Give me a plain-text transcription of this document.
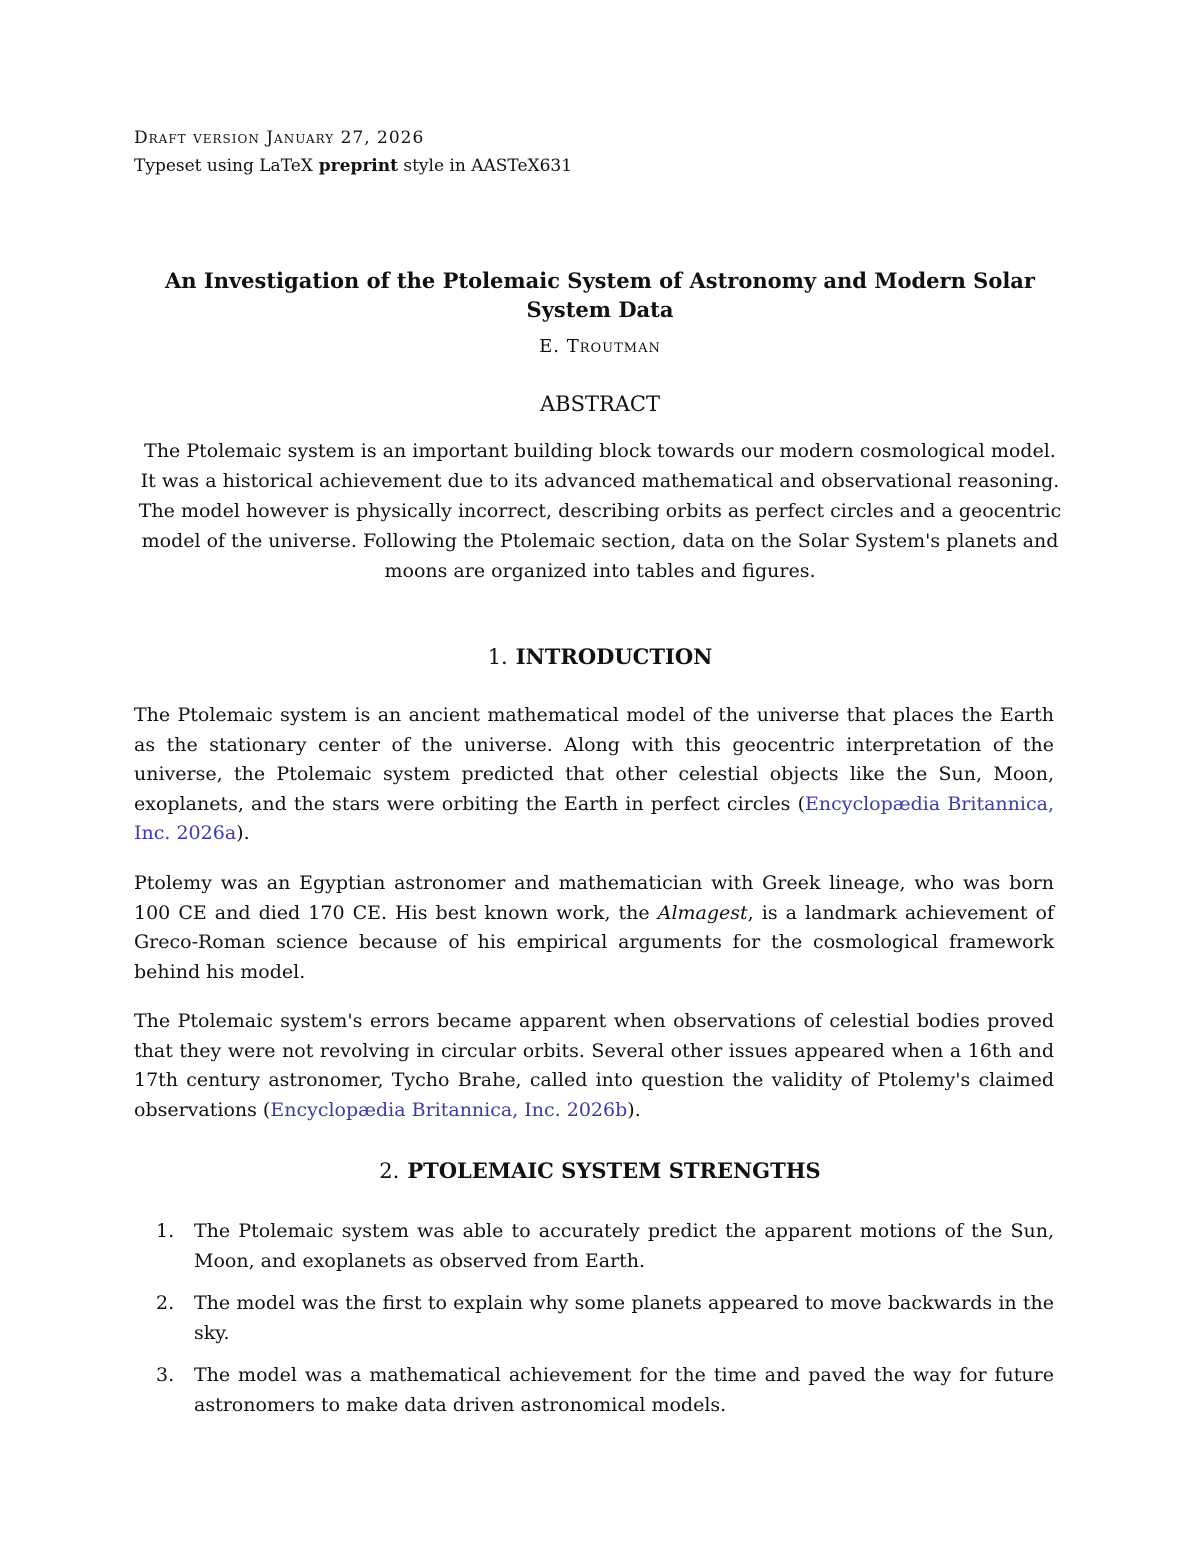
Draft version January 27, 2026
Typeset using LaTeX preprint style in AASTeX631
An Investigation of the Ptolemaic System of Astronomy and Modern Solar System Data
E. Troutman
ABSTRACT
The Ptolemaic system is an important building block towards our modern cosmological model. It was a historical achievement due to its advanced mathematical and observational reasoning. The model however is physically incorrect, describing orbits as perfect circles and a geocentric model of the universe. Following the Ptolemaic section, data on the Solar System's planets and moons are organized into tables and figures.
1. INTRODUCTION
The Ptolemaic system is an ancient mathematical model of the universe that places the Earth as the stationary center of the universe. Along with this geocentric interpretation of the universe, the Ptolemaic system predicted that other celestial objects like the Sun, Moon, exoplanets, and the stars were orbiting the Earth in perfect circles (Encyclopædia Britannica, Inc. 2026a).
Ptolemy was an Egyptian astronomer and mathematician with Greek lineage, who was born 100 CE and died 170 CE. His best known work, the Almagest, is a landmark achievement of Greco-Roman science because of his empirical arguments for the cosmological framework behind his model.
The Ptolemaic system's errors became apparent when observations of celestial bodies proved that they were not revolving in circular orbits. Several other issues appeared when a 16th and 17th century astronomer, Tycho Brahe, called into question the validity of Ptolemy's claimed observations (Encyclopædia Britannica, Inc. 2026b).
2. PTOLEMAIC SYSTEM STRENGTHS
1. The Ptolemaic system was able to accurately predict the apparent motions of the Sun, Moon, and exoplanets as observed from Earth.
2. The model was the first to explain why some planets appeared to move backwards in the sky.
3. The model was a mathematical achievement for the time and paved the way for future astronomers to make data driven astronomical models.
